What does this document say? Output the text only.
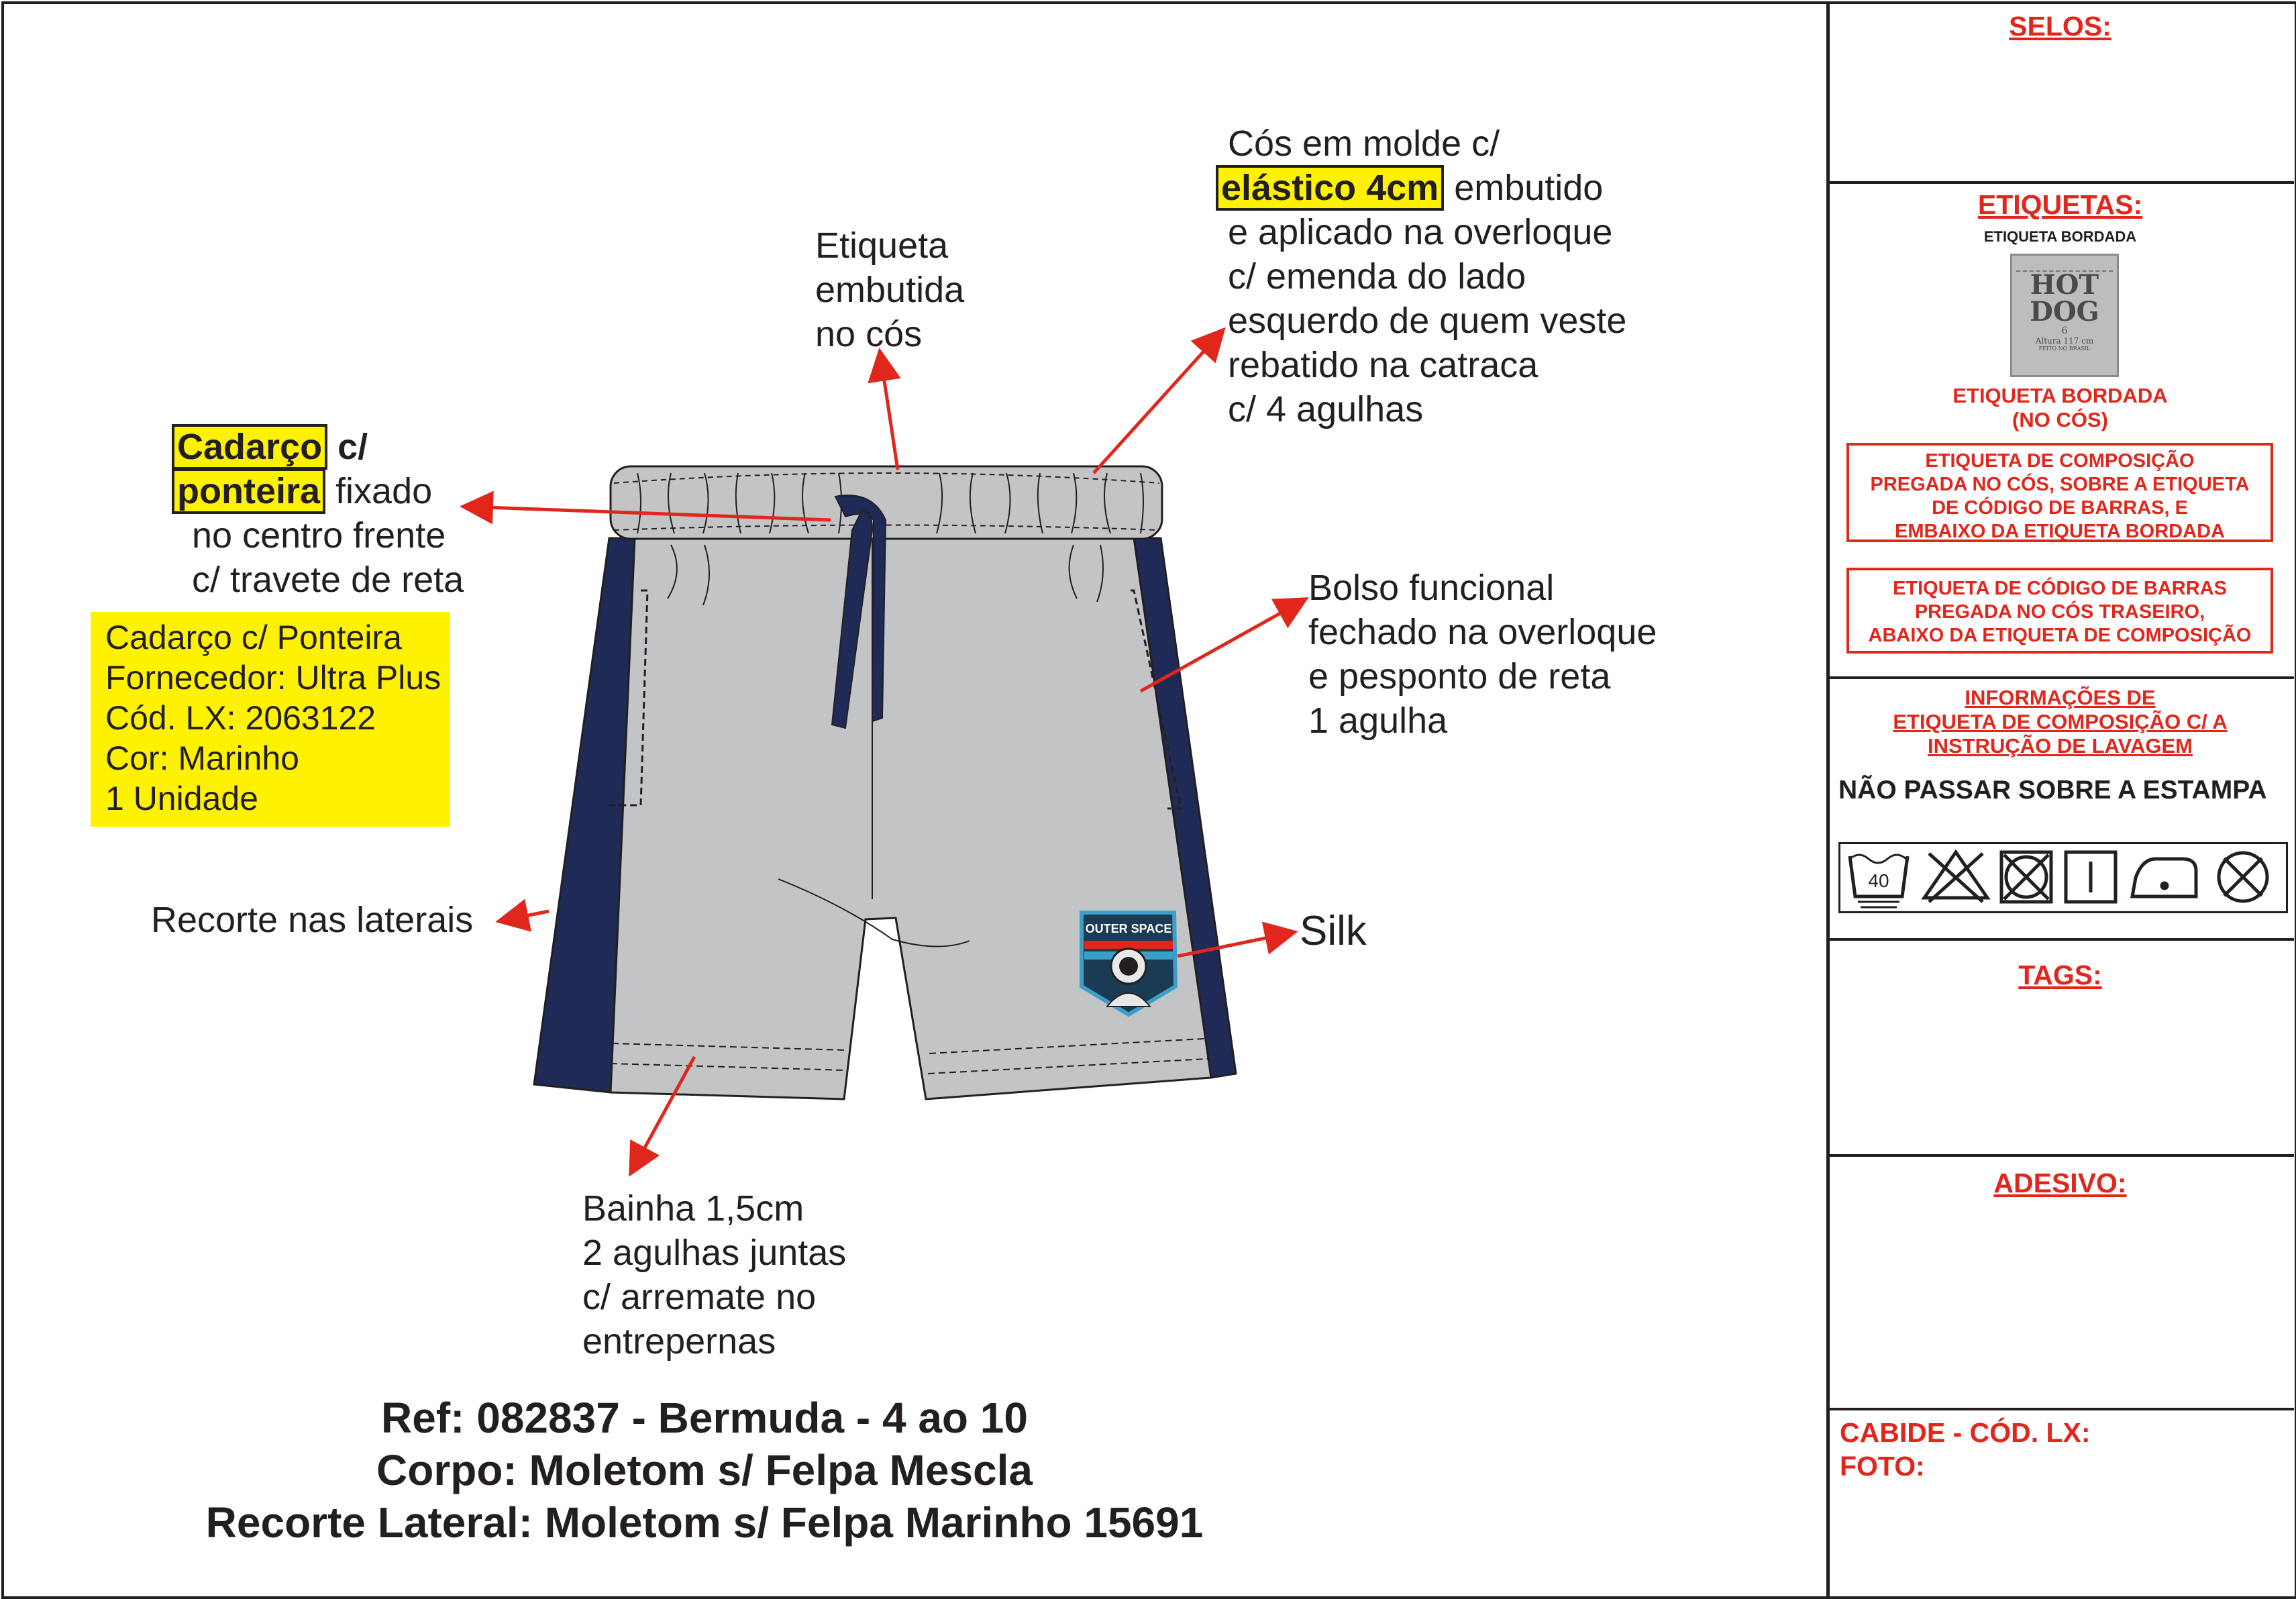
OUTER SPACE
Etiqueta
embutida
no cós
Cós em molde c/
elástico 4cm embutido
e aplicado na overloque
c/ emenda do lado
esquerdo de quem veste
rebatido na catraca
c/ 4 agulhas
Cadarço c/
ponteira fixado
no centro frente
c/ travete de reta
Cadarço c/ Ponteira
Fornecedor: Ultra Plus
Cód. LX: 2063122
Cor: Marinho
1 Unidade
Bolso funcional
fechado na overloque
e pesponto de reta
1 agulha
Recorte nas laterais	Silk
Bainha 1,5cm
2 agulhas juntas
c/ arremate no
entrepernas
Ref: 082837 - Bermuda - 4 ao 10
Corpo: Moletom s/ Felpa Mescla
Recorte Lateral: Moletom s/ Felpa Marinho 15691
SELOS:
ETIQUETAS:
ETIQUETA BORDADA
HOT
DOG
6
Altura 117 cm
FEITO NO BRASIL
ETIQUETA BORDADA
(NO CÓS)
ETIQUETA DE COMPOSIÇÃO
PREGADA NO CÓS, SOBRE A ETIQUETA
DE CÓDIGO DE BARRAS, E
EMBAIXO DA ETIQUETA BORDADA
ETIQUETA DE CÓDIGO DE BARRAS
PREGADA NO CÓS TRASEIRO,
ABAIXO DA ETIQUETA DE COMPOSIÇÃO
INFORMAÇÕES DE
ETIQUETA DE COMPOSIÇÃO C/ A
INSTRUÇÃO DE LAVAGEM
NÃO PASSAR SOBRE A ESTAMPA
40
TAGS:
ADESIVO:
CABIDE - CÓD. LX:
FOTO:
